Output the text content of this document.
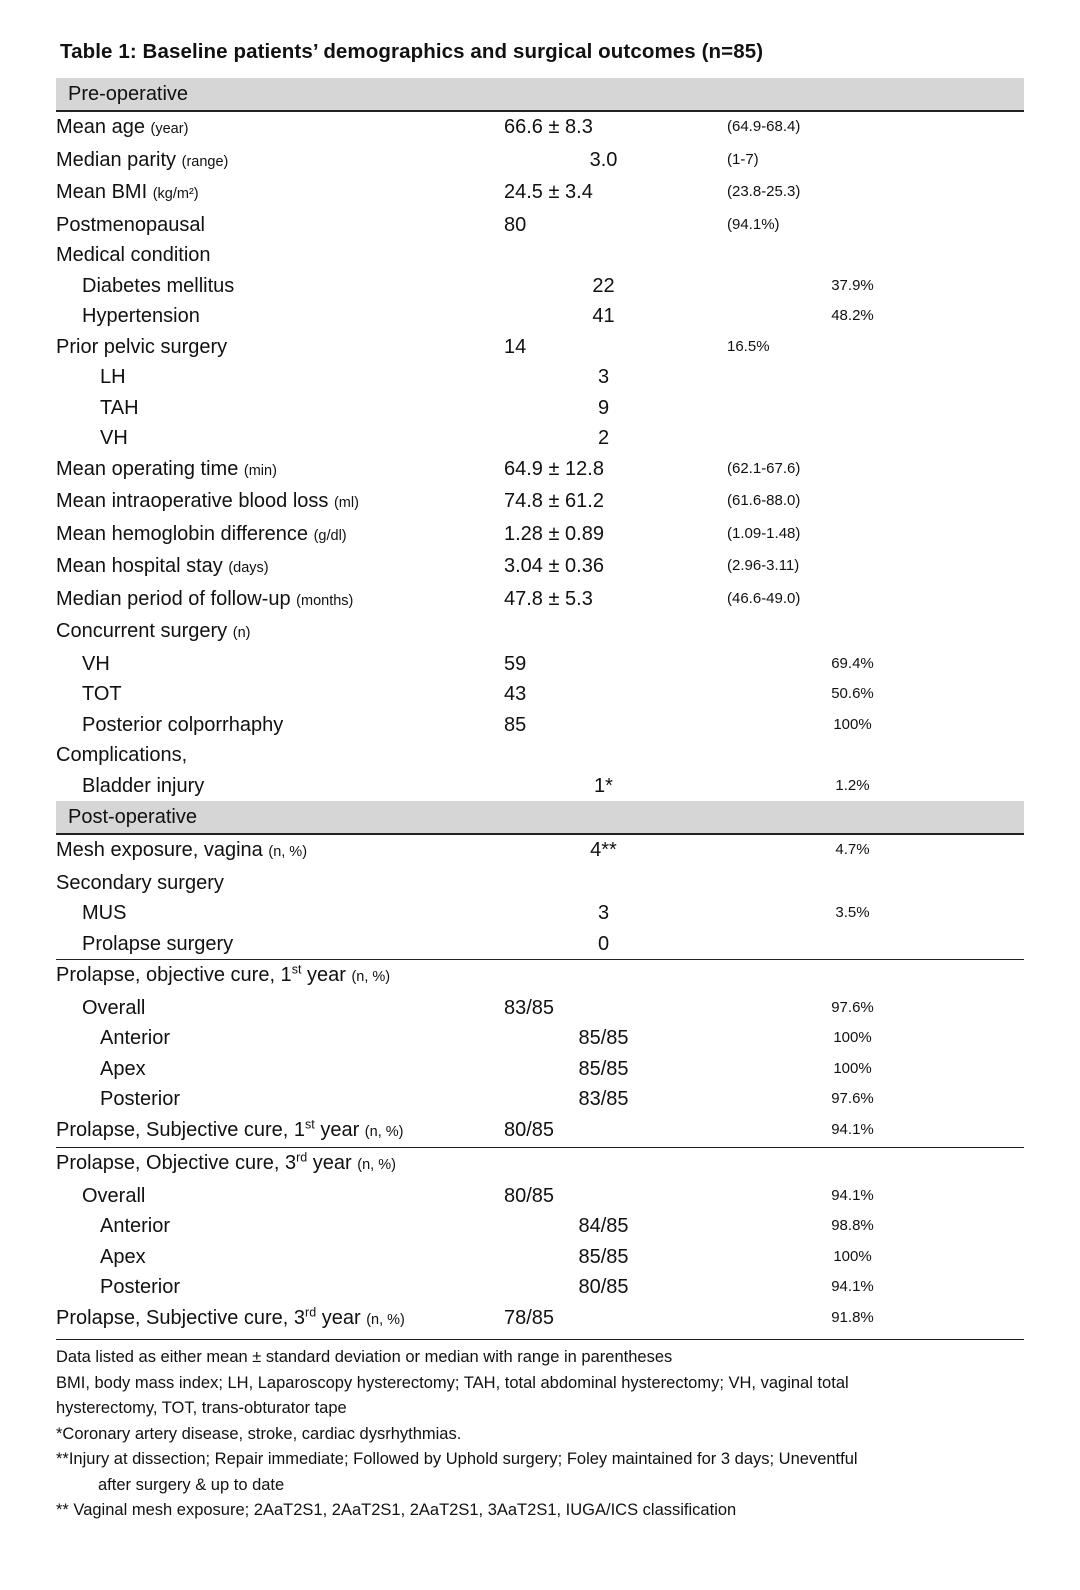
Table 1: Baseline patients’ demographics and surgical outcomes (n=85)
Pre-operative		

Mean age (year)	66.6 ± 8.3	(64.9-68.4)

Median parity (range)	3.0	(1-7)

Mean BMI (kg/m²)	24.5 ± 3.4	(23.8-25.3)

Postmenopausal	80	(94.1%)

Medical condition		

Diabetes mellitus	22	37.9%

Hypertension	41	48.2%

Prior pelvic surgery	14	16.5%

LH	3	

TAH	9	

VH	2	

Mean operating time (min)	64.9 ± 12.8	(62.1-67.6)

Mean intraoperative blood loss (ml)	74.8 ± 61.2	(61.6-88.0)

Mean hemoglobin difference (g/dl)	1.28 ± 0.89	(1.09-1.48)

Mean hospital stay (days)	3.04 ± 0.36	(2.96-3.11)

Median period of follow-up (months)	47.8 ± 5.3	(46.6-49.0)

Concurrent surgery (n)		

VH	59	69.4%

TOT	43	50.6%

Posterior colporrhaphy	85	100%

Complications,		

Bladder injury	1*	1.2%

Post-operative		

Mesh exposure, vagina (n, %)	4**	4.7%

Secondary surgery		

MUS	3	3.5%

Prolapse surgery	0	

Prolapse, objective cure, 1st year (n, %)		

Overall	83/85	97.6%

Anterior	85/85	100%

Apex	85/85	100%

Posterior	83/85	97.6%

Prolapse, Subjective cure, 1st year (n, %)	80/85	94.1%

Prolapse, Objective cure, 3rd year (n, %)		

Overall	80/85	94.1%

Anterior	84/85	98.8%

Apex	85/85	100%

Posterior	80/85	94.1%

Prolapse, Subjective cure, 3rd year (n, %)	78/85	91.8%
Data listed as either mean ± standard deviation or median with range in parentheses
BMI, body mass index; LH, Laparoscopy hysterectomy; TAH, total abdominal hysterectomy; VH, vaginal total
hysterectomy, TOT, trans-obturator tape
*Coronary artery disease, stroke, cardiac dysrhythmias.
**Injury at dissection; Repair immediate; Followed by Uphold surgery; Foley maintained for 3 days; Uneventful
after surgery & up to date
** Vaginal mesh exposure; 2AaT2S1, 2AaT2S1, 2AaT2S1, 3AaT2S1, IUGA/ICS classification
